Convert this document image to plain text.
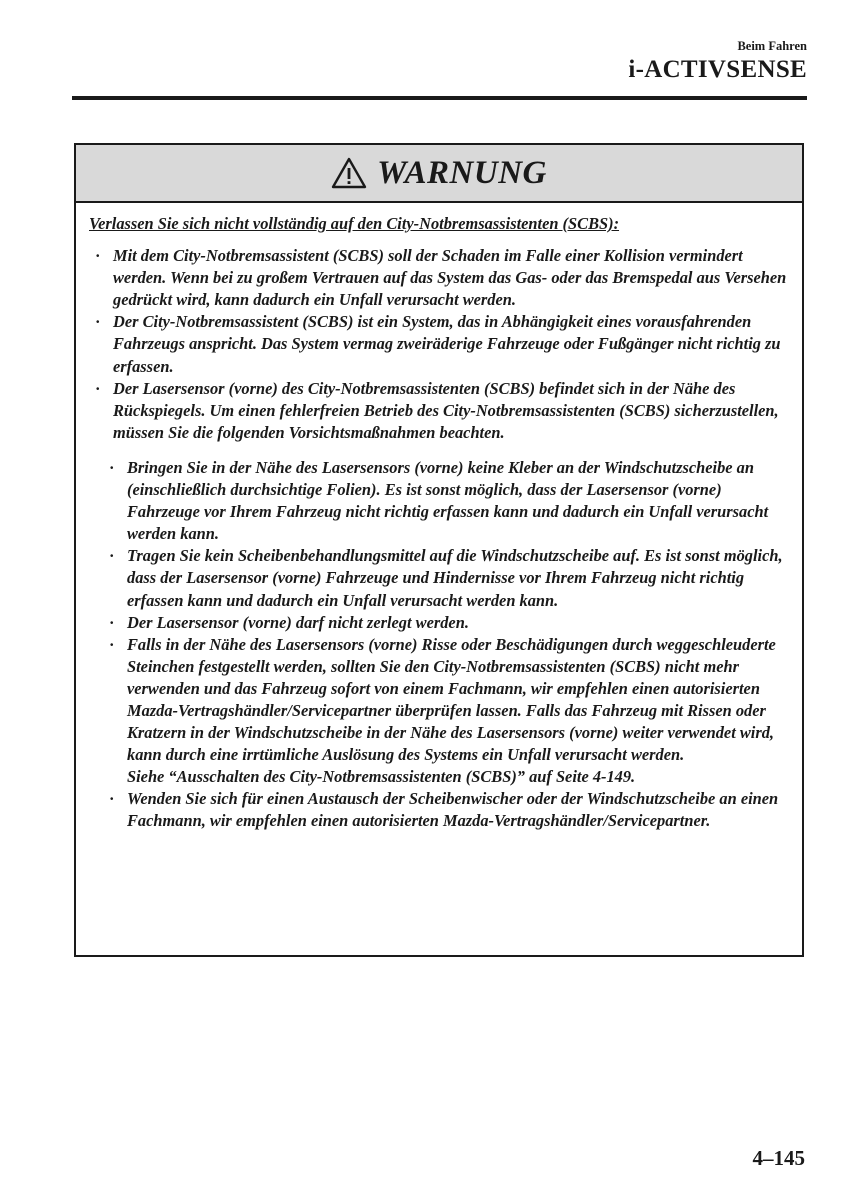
Beim Fahren
i-ACTIVSENSE
WARNUNG
Verlassen Sie sich nicht vollständig auf den City-Notbremsassistenten (SCBS):
· Mit dem City-Notbremsassistent (SCBS) soll der Schaden im Falle einer Kollision vermindert werden. Wenn bei zu großem Vertrauen auf das System das Gas- oder das Bremspedal aus Versehen gedrückt wird, kann dadurch ein Unfall verursacht werden.
· Der City-Notbremsassistent (SCBS) ist ein System, das in Abhängigkeit eines vorausfahrenden Fahrzeugs anspricht. Das System vermag zweiräderige Fahrzeuge oder Fußgänger nicht richtig zu erfassen.
· Der Lasersensor (vorne) des City-Notbremsassistenten (SCBS) befindet sich in der Nähe des Rückspiegels. Um einen fehlerfreien Betrieb des City-Notbremsassistenten (SCBS) sicherzustellen, müssen Sie die folgenden Vorsichtsmaßnahmen beachten.
· Bringen Sie in der Nähe des Lasersensors (vorne) keine Kleber an der Windschutzscheibe an (einschließlich durchsichtige Folien). Es ist sonst möglich, dass der Lasersensor (vorne) Fahrzeuge vor Ihrem Fahrzeug nicht richtig erfassen kann und dadurch ein Unfall verursacht werden kann.
· Tragen Sie kein Scheibenbehandlungsmittel auf die Windschutzscheibe auf. Es ist sonst möglich, dass der Lasersensor (vorne) Fahrzeuge und Hindernisse vor Ihrem Fahrzeug nicht richtig erfassen kann und dadurch ein Unfall verursacht werden kann.
· Der Lasersensor (vorne) darf nicht zerlegt werden.
· Falls in der Nähe des Lasersensors (vorne) Risse oder Beschädigungen durch weggeschleuderte Steinchen festgestellt werden, sollten Sie den City-Notbremsassistenten (SCBS) nicht mehr verwenden und das Fahrzeug sofort von einem Fachmann, wir empfehlen einen autorisierten Mazda-Vertragshändler/Servicepartner überprüfen lassen. Falls das Fahrzeug mit Rissen oder Kratzern in der Windschutzscheibe in der Nähe des Lasersensors (vorne) weiter verwendet wird, kann durch eine irrtümliche Auslösung des Systems ein Unfall verursacht werden.
Siehe “Ausschalten des City-Notbremsassistenten (SCBS)” auf Seite 4-149.
· Wenden Sie sich für einen Austausch der Scheibenwischer oder der Windschutzscheibe an einen Fachmann, wir empfehlen einen autorisierten Mazda-Vertragshändler/Servicepartner.
4–145
